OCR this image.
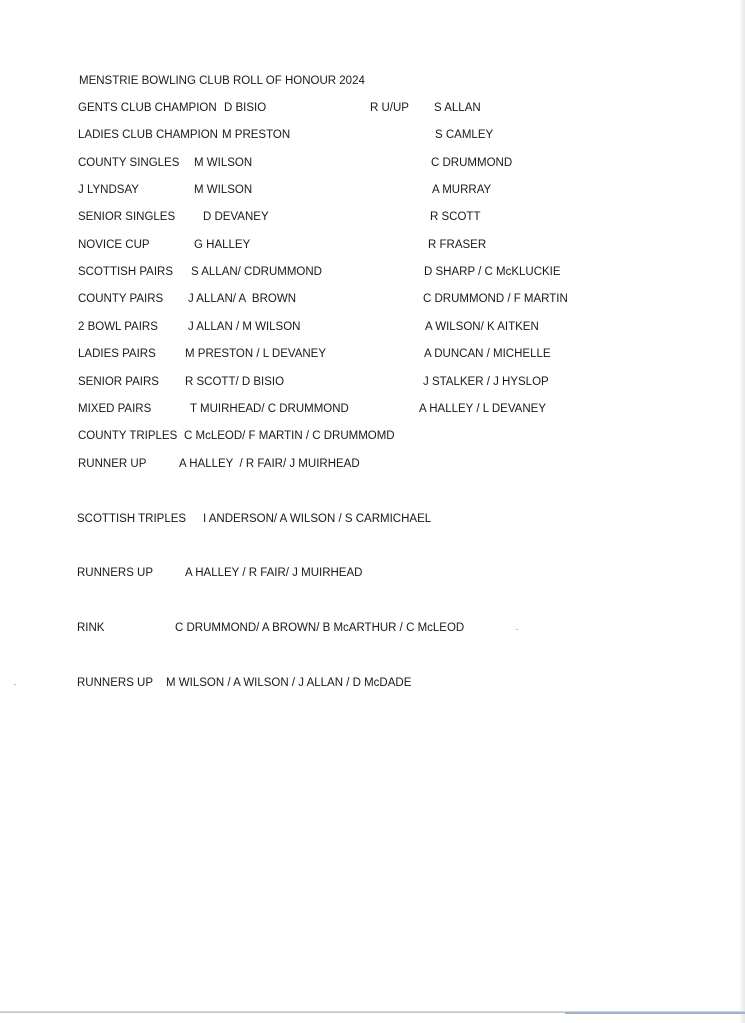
MENSTRIE BOWLING CLUB ROLL OF HONOUR 2024
GENTS CLUB CHAMPION D BISIO	R U/UP S ALLAN
LADIES CLUB CHAMPION M PRESTON	S CAMLEY
COUNTY SINGLES M WILSON	C DRUMMOND
J LYNDSAY	M WILSON	A MURRAY
SENIOR SINGLES D DEVANEY	R SCOTT
NOVICE CUP	G HALLEY	R FRASER
SCOTTISH PAIRS S ALLAN/ CDRUMMOND	D SHARP / C McKLUCKIE
COUNTY PAIRS J ALLAN/ A  BROWN	C DRUMMOND / F MARTIN
2 BOWL PAIRS	J ALLAN / M WILSON	A WILSON/ K AITKEN
LADIES PAIRS	M PRESTON / L DEVANEY	A DUNCAN / MICHELLE
SENIOR PAIRS R SCOTT/ D BISIO	J STALKER / J HYSLOP
MIXED PAIRS	T MUIRHEAD/ C DRUMMOND	A HALLEY / L DEVANEY
COUNTY TRIPLES C McLEOD/ F MARTIN / C DRUMMOMD
RUNNER UP	A HALLEY  / R FAIR/ J MUIRHEAD
SCOTTISH TRIPLES I ANDERSON/ A WILSON / S CARMICHAEL
RUNNERS UP	A HALLEY / R FAIR/ J MUIRHEAD
RINK	C DRUMMOND/ A BROWN/ B McARTHUR / C McLEOD
RUNNERS UP M WILSON / A WILSON / J ALLAN / D McDADE
